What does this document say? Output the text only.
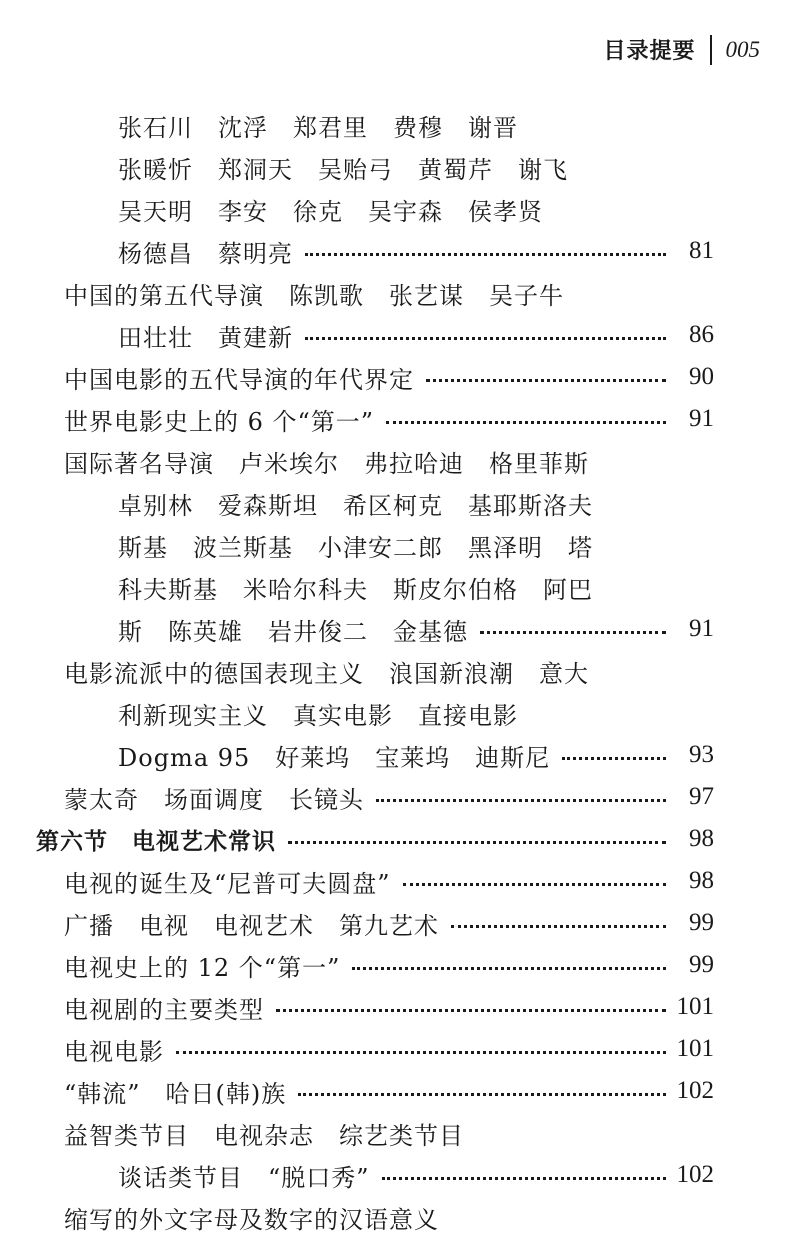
目录提要 005
张石川　沈浮　郑君里　费穆　谢晋
张暖忻　郑洞天　吴贻弓　黄蜀芹　谢飞
吴天明　李安　徐克　吴宇森　侯孝贤
杨德昌　蔡明亮	81
中国的第五代导演　陈凯歌　张艺谋　吴子牛
田壮壮　黄建新	86
中国电影的五代导演的年代界定	90
世界电影史上的 6 个“第一”	91
国际著名导演　卢米埃尔　弗拉哈迪　格里菲斯
卓别林　爱森斯坦　希区柯克　基耶斯洛夫
斯基　波兰斯基　小津安二郎　黑泽明　塔
科夫斯基　米哈尔科夫　斯皮尔伯格　阿巴
斯　陈英雄　岩井俊二　金基德	91
电影流派中的德国表现主义　浪国新浪潮　意大
利新现实主义　真实电影　直接电影
Dogma 95　好莱坞　宝莱坞　迪斯尼	93
蒙太奇　场面调度　长镜头	97
第六节　电视艺术常识	98
电视的诞生及“尼普可夫圆盘”	98
广播　电视　电视艺术　第九艺术	99
电视史上的 12 个“第一”	99
电视剧的主要类型	101
电视电影	101
“韩流”　哈日(韩)族	102
益智类节目　电视杂志　综艺类节目
谈话类节目　“脱口秀”	102
缩写的外文字母及数字的汉语意义
